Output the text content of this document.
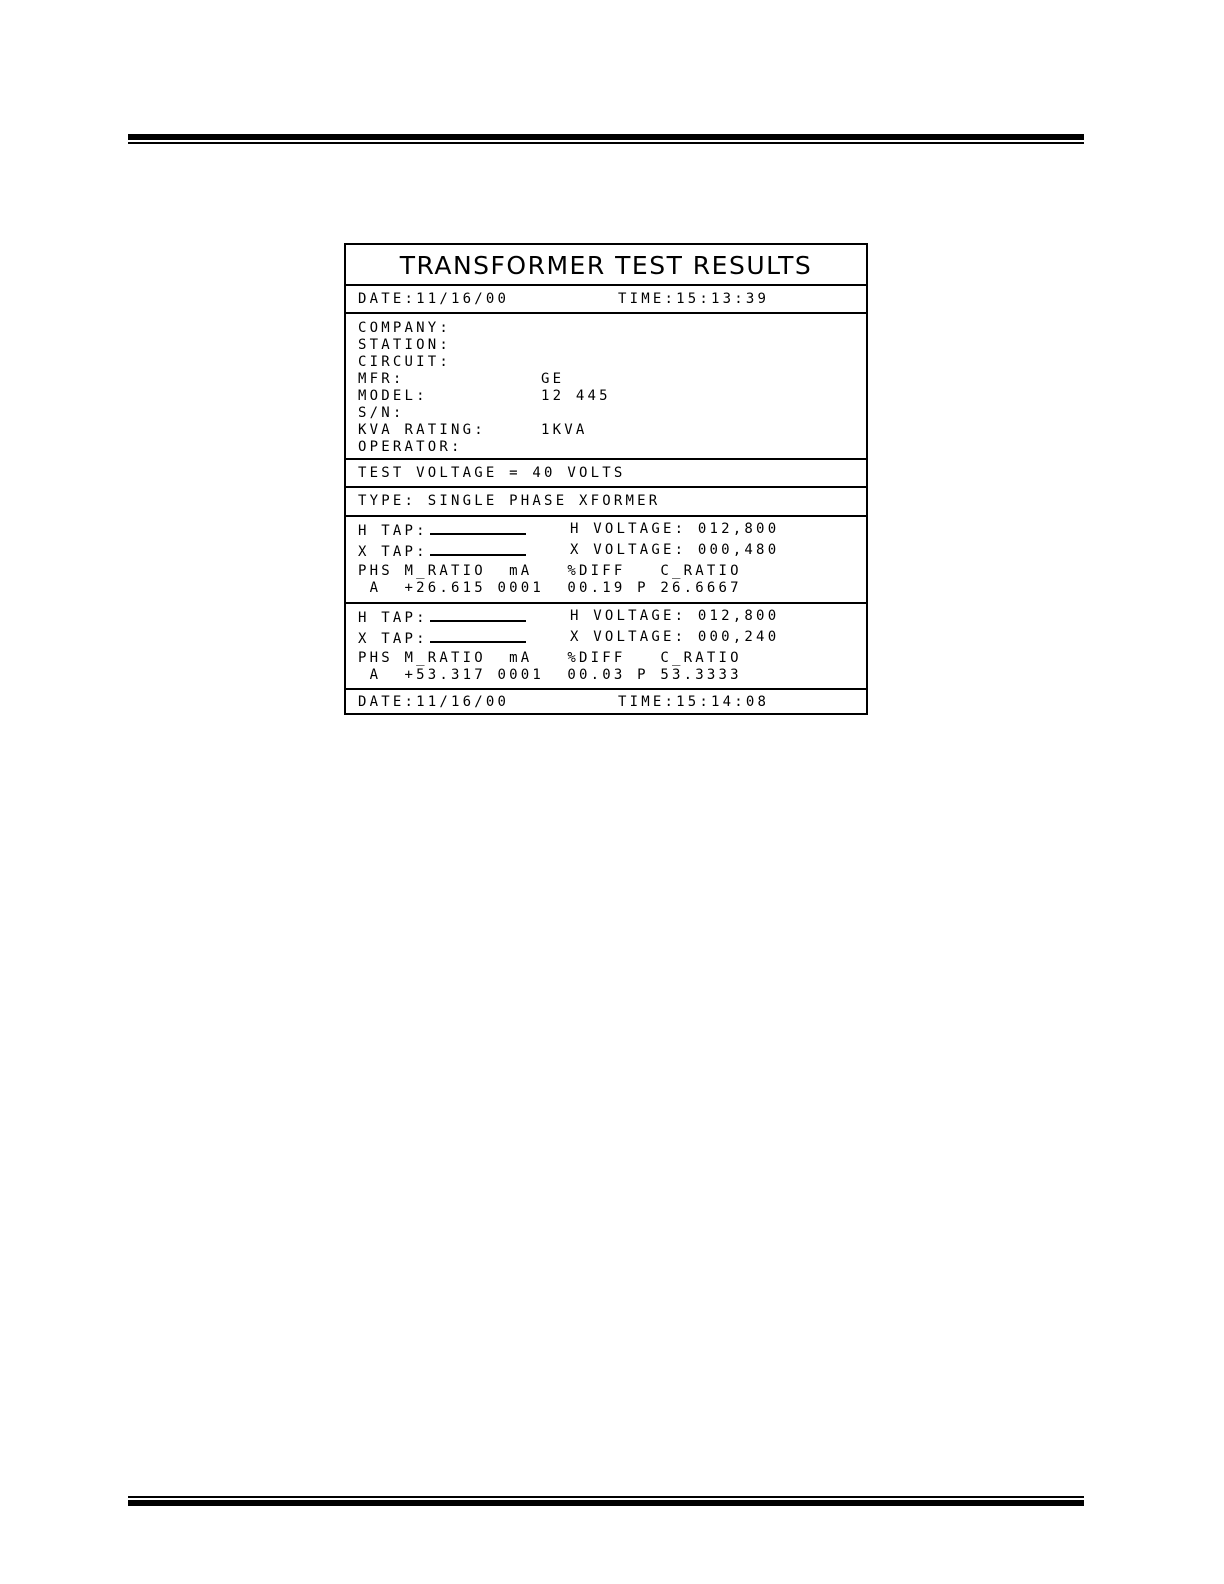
TRANSFORMER TEST RESULTS
DATE:11/16/00	TIME:15:13:39
COMPANY:
STATION:
CIRCUIT:
MFR:	GE
MODEL:	12 445
S/N:
KVA RATING:	1KVA
OPERATOR:
TEST VOLTAGE = 40 VOLTS
TYPE: SINGLE PHASE XFORMER
H TAP:	H VOLTAGE: 012,800
X TAP:	X VOLTAGE: 000,480
PHS M_RATIO  mA   %DIFF   C_RATIO
A  +26.615 0001  00.19 P 26.6667
H TAP:	H VOLTAGE: 012,800
X TAP:	X VOLTAGE: 000,240
PHS M_RATIO  mA   %DIFF   C_RATIO
A  +53.317 0001  00.03 P 53.3333
DATE:11/16/00	TIME:15:14:08
